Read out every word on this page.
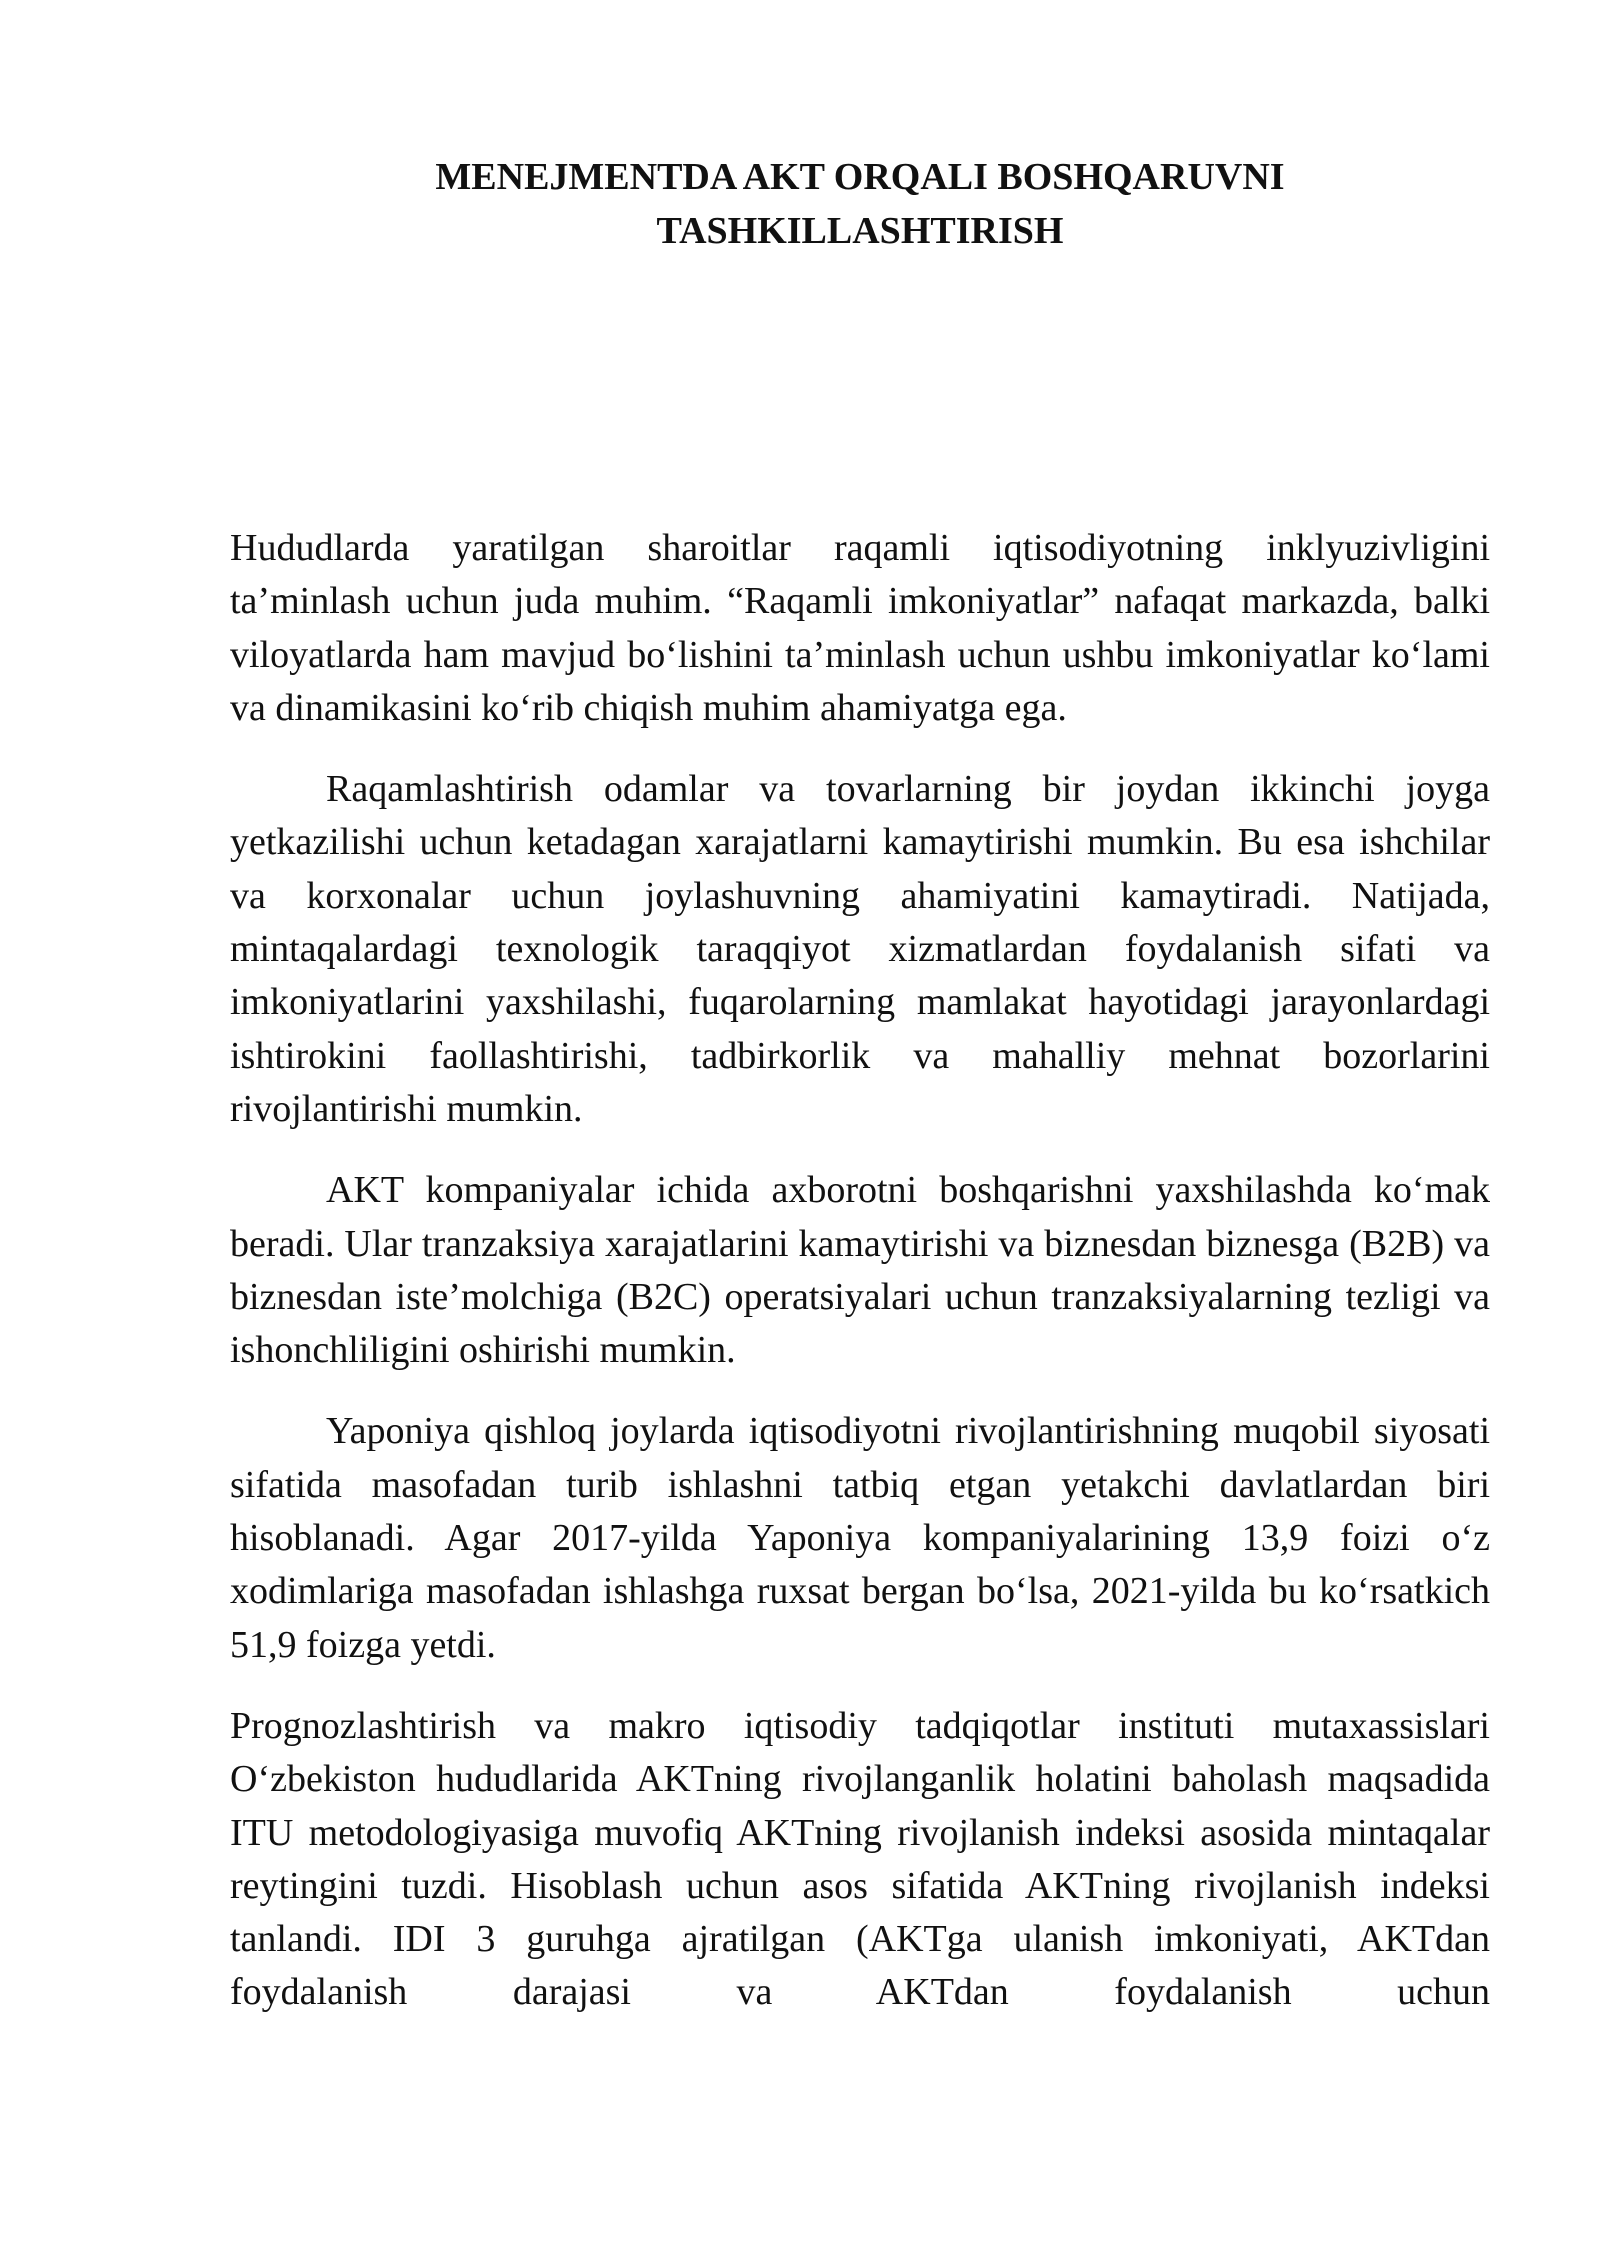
MENEJMENTDA AKT ORQALI BOSHQARUVNI
TASHKILLASHTIRISH

Hududlarda yaratilgan sharoitlar raqamli iqtisodiyotning inklyuzivligini ta’minlash uchun juda muhim. “Raqamli imkoniyatlar” nafaqat markazda, balki viloyatlarda ham mavjud bo‘lishini ta’minlash uchun ushbu imkoniyatlar ko‘lami va dinamikasini ko‘rib chiqish muhim ahamiyatga ega.

Raqamlashtirish odamlar va tovarlarning bir joydan ikkinchi joyga yetkazilishi uchun ketadagan xarajatlarni kamaytirishi mumkin. Bu esa ishchilar va korxonalar uchun joylashuvning ahamiyatini kamaytiradi. Natijada, mintaqalardagi texnologik taraqqiyot xizmatlardan foydalanish sifati va imkoniyatlarini yaxshilashi, fuqarolarning mamlakat hayotidagi jarayonlardagi ishtirokini faollashtirishi, tadbirkorlik va mahalliy mehnat bozorlarini rivojlantirishi mumkin.

AKT kompaniyalar ichida axborotni boshqarishni yaxshilashda ko‘mak beradi. Ular tranzaksiya xarajatlarini kamaytirishi va biznesdan biznesga (B2B) va biznesdan iste’molchiga (B2C) operatsiyalari uchun tranzaksiyalarning tezligi va ishonchliligini oshirishi mumkin.

Yaponiya qishloq joylarda iqtisodiyotni rivojlantirishning muqobil siyosati sifatida masofadan turib ishlashni tatbiq etgan yetakchi davlatlardan biri hisoblanadi. Agar 2017-yilda Yaponiya kompaniyalarining 13,9 foizi o‘z xodimlariga masofadan ishlashga ruxsat bergan bo‘lsa, 2021-yilda bu ko‘rsatkich 51,9 foizga yetdi.

Prognozlashtirish va makro iqtisodiy tadqiqotlar instituti mutaxassislari O‘zbekiston hududlarida AKTning rivojlanganlik holatini baholash maqsadida ITU metodologiyasiga muvofiq AKTning rivojlanish indeksi asosida mintaqalar reytingini tuzdi. Hisoblash uchun asos sifatida AKTning rivojlanish indeksi tanlandi. IDI 3 guruhga ajratilgan (AKTga ulanish imkoniyati, AKTdan foydalanish darajasi va AKTdan foydalanish uchun
